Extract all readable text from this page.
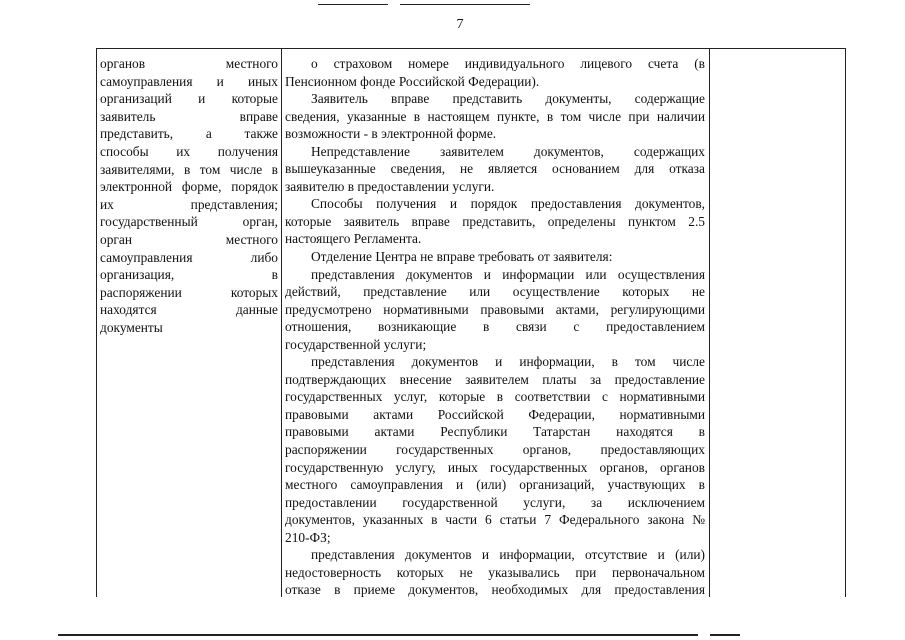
7
органов местного
самоуправления и иных
организаций и которые
заявитель вправе
представить, а также
способы их получения
заявителями, в том числе в
электронной форме, порядок
их представления;
государственный орган,
орган местного
самоуправления либо
организация, в
распоряжении которых
находятся данные
документы
о страховом номере индивидуального лицевого счета (в
Пенсионном фонде Российской Федерации).
Заявитель вправе представить документы, содержащие
сведения, указанные в настоящем пункте, в том числе при наличии
возможности - в электронной форме.
Непредставление заявителем документов, содержащих
вышеуказанные сведения, не является основанием для отказа
заявителю в предоставлении услуги.
Способы получения и порядок предоставления документов,
которые заявитель вправе представить, определены пунктом 2.5
настоящего Регламента.
Отделение Центра не вправе требовать от заявителя:
представления документов и информации или осуществления
действий, представление или осуществление которых не
предусмотрено нормативными правовыми актами, регулирующими
отношения, возникающие в связи с предоставлением
государственной услуги;
представления документов и информации, в том числе
подтверждающих внесение заявителем платы за предоставление
государственных услуг, которые в соответствии с нормативными
правовыми актами Российской Федерации, нормативными
правовыми актами Республики Татарстан находятся в
распоряжении государственных органов, предоставляющих
государственную услугу, иных государственных органов, органов
местного самоуправления и (или) организаций, участвующих в
предоставлении государственной услуги, за исключением
документов, указанных в части 6 статьи 7 Федерального закона №
210-ФЗ;
представления документов и информации, отсутствие и (или)
недостоверность которых не указывались при первоначальном
отказе в приеме документов, необходимых для предоставления
